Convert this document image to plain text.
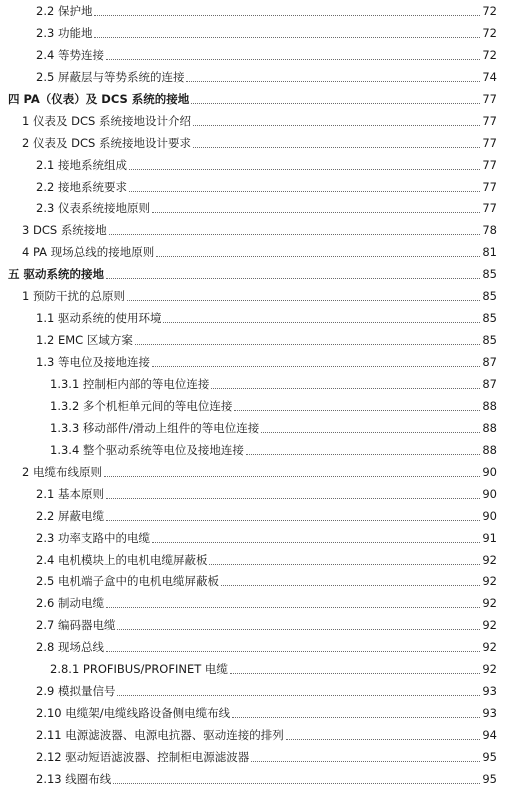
2.2 保护地	72
2.3 功能地	72
2.4 等势连接	72
2.5 屏蔽层与等势系统的连接	74
四 PA（仪表）及 DCS 系统的接地	77
1 仪表及 DCS 系统接地设计介绍	77
2 仪表及 DCS 系统接地设计要求	77
2.1 接地系统组成	77
2.2 接地系统要求	77
2.3 仪表系统接地原则	77
3 DCS 系统接地	78
4 PA 现场总线的接地原则	81
五 驱动系统的接地	85
1 预防干扰的总原则	85
1.1 驱动系统的使用环境	85
1.2 EMC 区域方案	85
1.3 等电位及接地连接	87
1.3.1 控制柜内部的等电位连接	87
1.3.2 多个机柜单元间的等电位连接	88
1.3.3 移动部件/滑动上组件的等电位连接	88
1.3.4 整个驱动系统等电位及接地连接	88
2 电缆布线原则	90
2.1 基本原则	90
2.2 屏蔽电缆	90
2.3 功率支路中的电缆	91
2.4 电机模块上的电机电缆屏蔽板	92
2.5 电机端子盒中的电机电缆屏蔽板	92
2.6 制动电缆	92
2.7 编码器电缆	92
2.8 现场总线	92
2.8.1 PROFIBUS/PROFINET 电缆	92
2.9 模拟量信号	93
2.10 电缆架/电缆线路设备侧电缆布线	93
2.11 电源滤波器、电源电抗器、驱动连接的排列	94
2.12 驱动短语滤波器、控制柜电源滤波器	95
2.13 线圈布线	95
